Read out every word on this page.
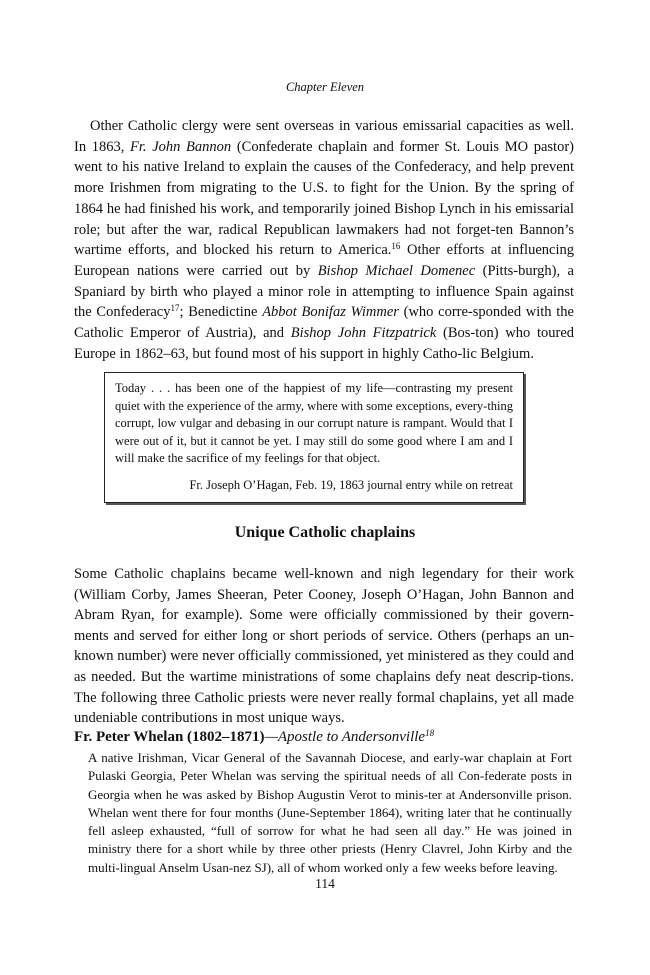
Chapter Eleven

Other Catholic clergy were sent overseas in various emissarial capacities as well. In 1863, Fr. John Bannon (Confederate chaplain and former St. Louis MO pastor) went to his native Ireland to explain the causes of the Confederacy, and help prevent more Irishmen from migrating to the U.S. to fight for the Union. By the spring of 1864 he had finished his work, and temporarily joined Bishop Lynch in his emissarial role; but after the war, radical Republican lawmakers had not forget-ten Bannon’s wartime efforts, and blocked his return to America.$^{16}$ Other efforts at influencing European nations were carried out by Bishop Michael Domenec (Pitts-burgh), a Spaniard by birth who played a minor role in attempting to influence Spain against the Confederacy$^{17}$; Benedictine Abbot Bonifaz Wimmer (who corre-sponded with the Catholic Emperor of Austria), and Bishop John Fitzpatrick (Bos-ton) who toured Europe in 1862–63, but found most of his support in highly Catho-lic Belgium.

Today . . . has been one of the happiest of my life—contrasting my present quiet with the experience of the army, where with some exceptions, every-thing corrupt, low vulgar and debasing in our corrupt nature is rampant. Would that I were out of it, but it cannot be yet. I may still do some good where I am and I will make the sacrifice of my feelings for that object.

Fr. Joseph O’Hagan, Feb. 19, 1863 journal entry while on retreat

Unique Catholic chaplains

Some Catholic chaplains became well-known and nigh legendary for their work (William Corby, James Sheeran, Peter Cooney, Joseph O’Hagan, John Bannon and Abram Ryan, for example). Some were officially commissioned by their govern-ments and served for either long or short periods of service. Others (perhaps an un-known number) were never officially commissioned, yet ministered as they could and as needed. But the wartime ministrations of some chaplains defy neat descrip-tions. The following three Catholic priests were never really formal chaplains, yet all made undeniable contributions in most unique ways.

Fr. Peter Whelan (1802–1871)—Apostle to Andersonville$^{18}$

A native Irishman, Vicar General of the Savannah Diocese, and early-war chaplain at Fort Pulaski Georgia, Peter Whelan was serving the spiritual needs of all Con-federate posts in Georgia when he was asked by Bishop Augustin Verot to minis-ter at Andersonville prison. Whelan went there for four months (June-September 1864), writing later that he continually fell asleep exhausted, “full of sorrow for what he had seen all day.” He was joined in ministry there for a short while by three other priests (Henry Clavrel, John Kirby and the multi-lingual Anselm Usan-nez SJ), all of whom worked only a few weeks before leaving.

114
